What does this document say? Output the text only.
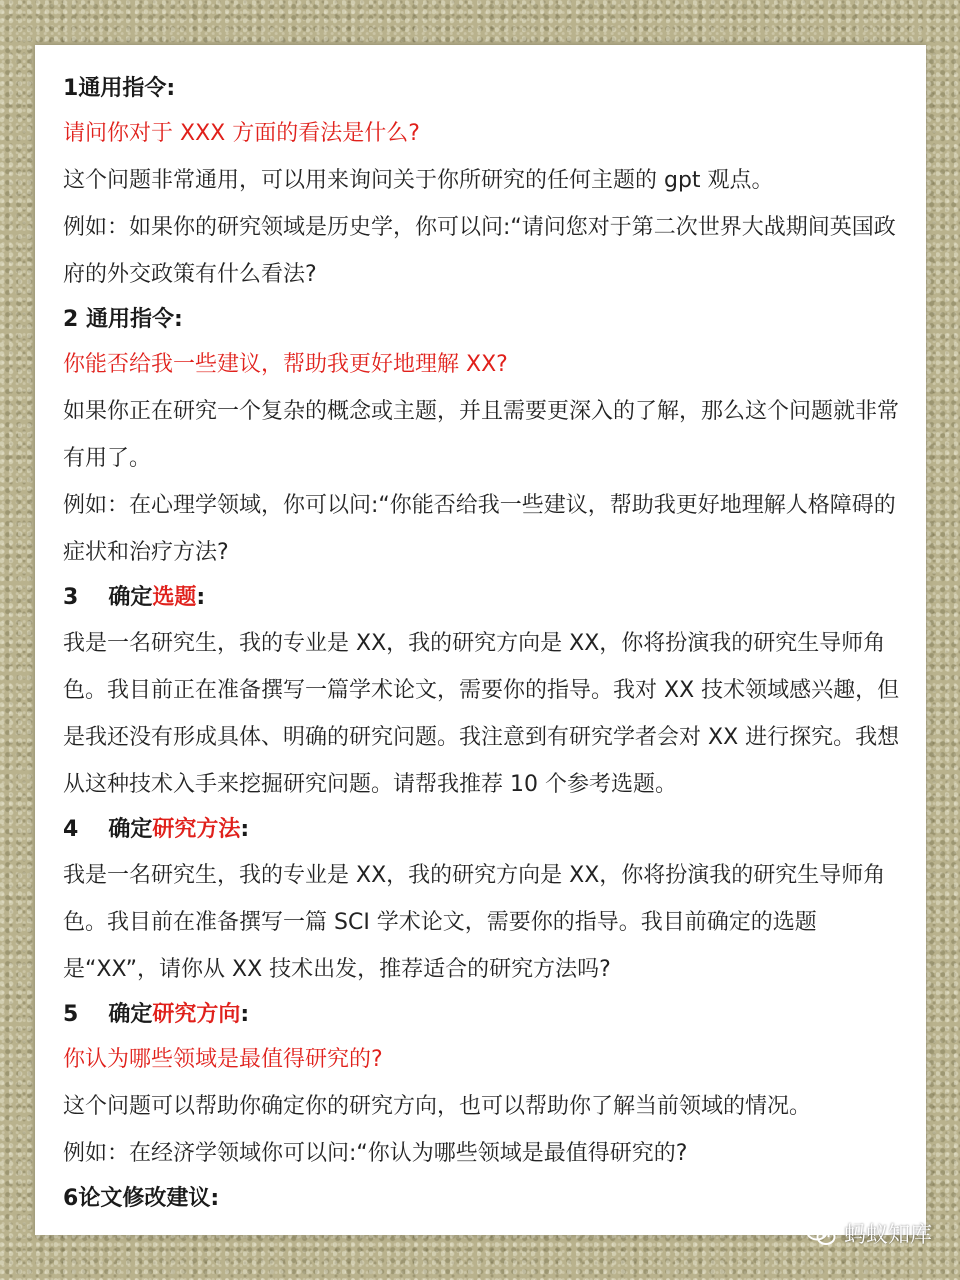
1通用指令:

请问你对于 XXX 方面的看法是什么?

这个问题非常通用，可以用来询问关于你所研究的任何主题的 gpt 观点。

例如：如果你的研究领域是历史学，你可以问:“请问您对于第二次世界大战期间英国政府的外交政策有什么看法?

2 通用指令:

你能否给我一些建议，帮助我更好地理解 XX?

如果你正在研究一个复杂的概念或主题，并且需要更深入的了解，那么这个问题就非常有用了。

例如：在心理学领域，你可以问:“你能否给我一些建议，帮助我更好地理解人格障碍的症状和治疗方法?

3 确定选题:

我是一名研究生，我的专业是 XX，我的研究方向是 XX，你将扮演我的研究生导师角色。我目前正在准备撰写一篇学术论文，需要你的指导。我对 XX 技术领域感兴趣，但是我还没有形成具体、明确的研究问题。我注意到有研究学者会对 XX 进行探究。我想从这种技术入手来挖掘研究问题。请帮我推荐 10 个参考选题。

4 确定研究方法:

我是一名研究生，我的专业是 XX，我的研究方向是 XX，你将扮演我的研究生导师角色。我目前在准备撰写一篇 SCI 学术论文，需要你的指导。我目前确定的选题是“XX”，请你从 XX 技术出发，推荐适合的研究方法吗?

5 确定研究方向:

你认为哪些领域是最值得研究的?

这个问题可以帮助你确定你的研究方向，也可以帮助你了解当前领域的情况。

例如：在经济学领域你可以问:“你认为哪些领域是最值得研究的?

6论文修改建议:

蚂蚁知库
